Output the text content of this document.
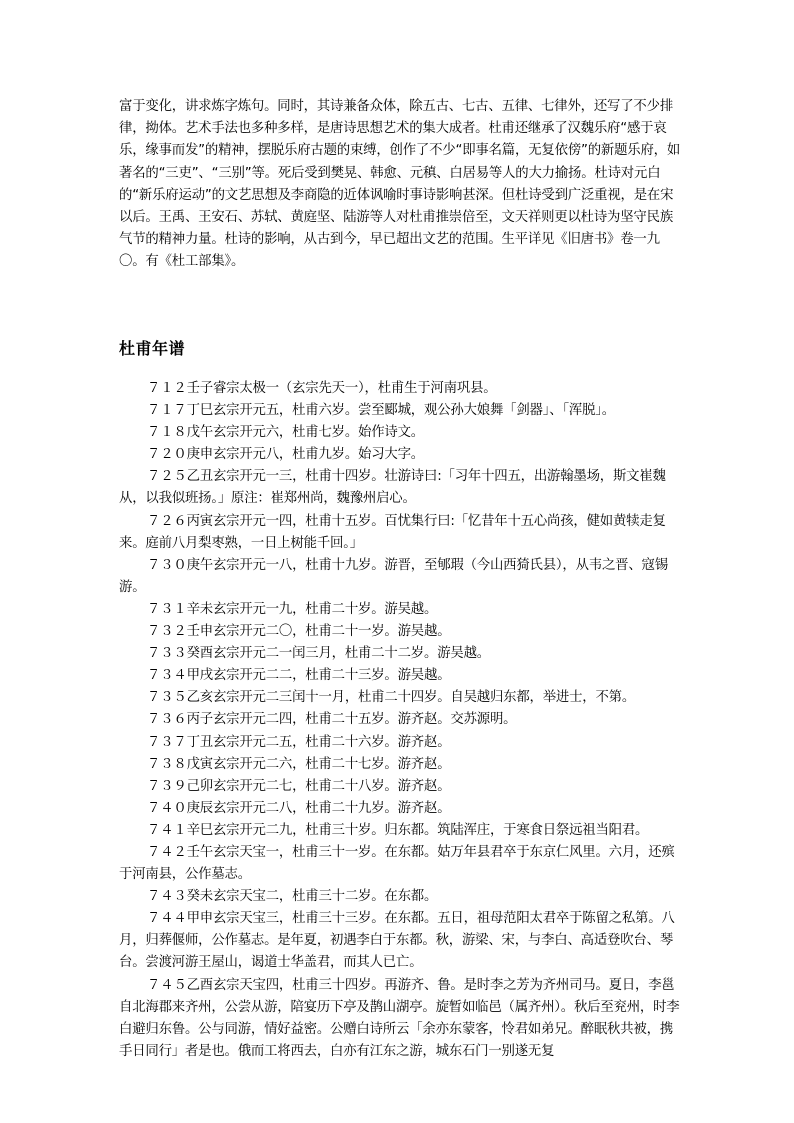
富于变化，讲求炼字炼句。同时，其诗兼备众体，除五古、七古、五律、七律外，还写了不少排律，拗体。艺术手法也多种多样，是唐诗思想艺术的集大成者。杜甫还继承了汉魏乐府“感于哀乐，缘事而发”的精神，摆脱乐府古题的束缚，创作了不少“即事名篇，无复依傍”的新题乐府，如著名的“三吏”、“三别”等。死后受到樊晃、韩愈、元稹、白居易等人的大力揄扬。杜诗对元白的“新乐府运动”的文艺思想及李商隐的近体讽喻时事诗影响甚深。但杜诗受到广泛重视，是在宋以后。王禹、王安石、苏轼、黄庭坚、陆游等人对杜甫推崇倍至，文天祥则更以杜诗为坚守民族气节的精神力量。杜诗的影响，从古到今，早已超出文艺的范围。生平详见《旧唐书》卷一九〇。有《杜工部集》。

杜甫年谱

７１２壬子睿宗太极一（玄宗先天一），杜甫生于河南巩县。

７１７丁巳玄宗开元五，杜甫六岁。尝至郾城，观公孙大娘舞「剑器」、「浑脱」。

７１８戊午玄宗开元六，杜甫七岁。始作诗文。

７２０庚申玄宗开元八，杜甫九岁。始习大字。

７２５乙丑玄宗开元一三，杜甫十四岁。壮游诗曰:「习年十四五，出游翰墨场，斯文崔魏从，以我似班扬。」原注：崔郑州尚，魏豫州启心。

７２６丙寅玄宗开元一四，杜甫十五岁。百忧集行曰:「忆昔年十五心尚孩，健如黄犊走复来。庭前八月梨枣熟，一日上树能千回。」

７３０庚午玄宗开元一八，杜甫十九岁。游晋，至郇瑕（今山西猗氏县），从韦之晋、寇锡游。

７３１辛未玄宗开元一九，杜甫二十岁。游吴越。

７３２壬申玄宗开元二〇，杜甫二十一岁。游吴越。

７３３癸酉玄宗开元二一闰三月，杜甫二十二岁。游吴越。

７３４甲戌玄宗开元二二，杜甫二十三岁。游吴越。

７３５乙亥玄宗开元二三闰十一月，杜甫二十四岁。自吴越归东都，举进士，不第。

７３６丙子玄宗开元二四，杜甫二十五岁。游齐赵。交苏源明。

７３７丁丑玄宗开元二五，杜甫二十六岁。游齐赵。

７３８戊寅玄宗开元二六，杜甫二十七岁。游齐赵。

７３９己卯玄宗开元二七，杜甫二十八岁。游齐赵。

７４０庚辰玄宗开元二八，杜甫二十九岁。游齐赵。

７４１辛巳玄宗开元二九，杜甫三十岁。归东都。筑陆浑庄，于寒食日祭远祖当阳君。

７４２壬午玄宗天宝一，杜甫三十一岁。在东都。姑万年县君卒于东京仁风里。六月，还殡于河南县，公作墓志。

７４３癸未玄宗天宝二，杜甫三十二岁。在东都。

７４４甲申玄宗天宝三，杜甫三十三岁。在东都。五日，祖母范阳太君卒于陈留之私第。八月，归葬偃师，公作墓志。是年夏，初遇李白于东都。秋，游梁、宋，与李白、高适登吹台、琴台。尝渡河游王屋山，谒道士华盖君，而其人已亡。

７４５乙酉玄宗天宝四，杜甫三十四岁。再游齐、鲁。是时李之芳为齐州司马。夏日，李邕自北海郡来齐州，公尝从游，陪宴历下亭及鹊山湖亭。旋暂如临邑（属齐州）。秋后至兖州，时李白避归东鲁。公与同游，情好益密。公赠白诗所云「余亦东蒙客，怜君如弟兄。醉眠秋共被，携手日同行」者是也。俄而工将西去，白亦有江东之游，城东石门一别遂无复
